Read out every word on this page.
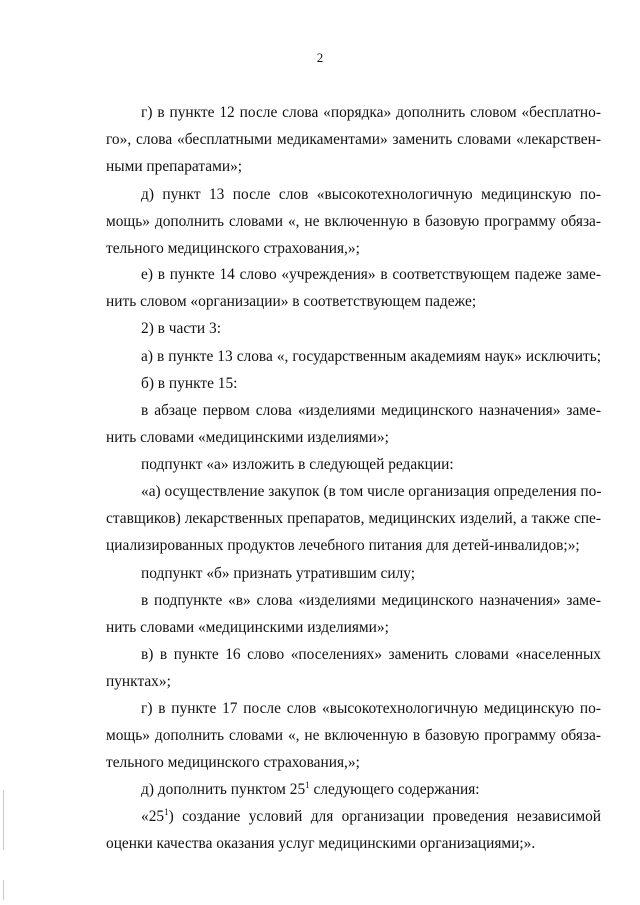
2
г) в пункте 12 после слова «порядка» дополнить словом «бесплатно-
го», слова «бесплатными медикаментами» заменить словами «лекарствен-
ными препаратами»;
д) пункт 13 после слов «высокотехнологичную медицинскую по-
мощь» дополнить словами «, не включенную в базовую программу обяза-
тельного медицинского страхования,»;
е) в пункте 14 слово «учреждения» в соответствующем падеже заме-
нить словом «организации» в соответствующем падеже;
2) в части 3:
а) в пункте 13 слова «, государственным академиям наук» исключить;
б) в пункте 15:
в абзаце первом слова «изделиями медицинского назначения» заме-
нить словами «медицинскими изделиями»;
подпункт «а» изложить в следующей редакции:
«а) осуществление закупок (в том числе организация определения по-
ставщиков) лекарственных препаратов, медицинских изделий, а также спе-
циализированных продуктов лечебного питания для детей-инвалидов;»;
подпункт «б» признать утратившим силу;
в подпункте «в» слова «изделиями медицинского назначения» заме-
нить словами «медицинскими изделиями»;
в) в пункте 16 слово «поселениях» заменить словами «населенных
пунктах»;
г) в пункте 17 после слов «высокотехнологичную медицинскую по-
мощь» дополнить словами «, не включенную в базовую программу обяза-
тельного медицинского страхования,»;
д) дополнить пунктом $25^1$ следующего содержания:
«$25^1$) создание условий для организации проведения независимой
оценки качества оказания услуг медицинскими организациями;».
